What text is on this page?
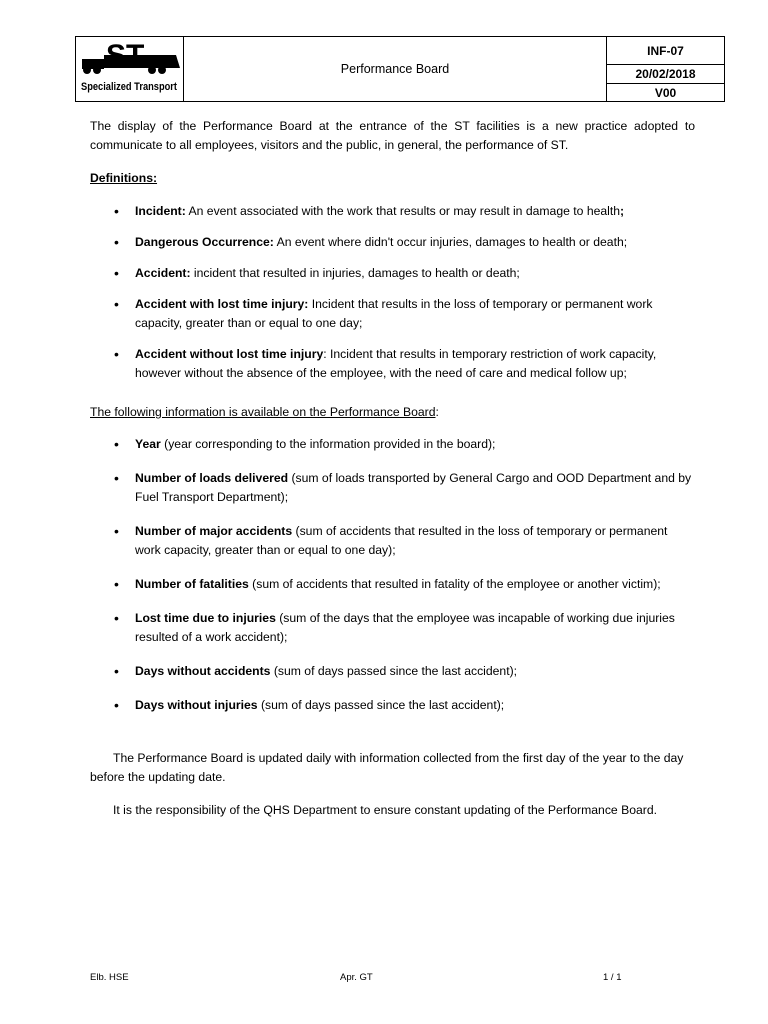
ST
Specialized Transport
Performance Board
INF-07
20/02/2018
V00

The display of the Performance Board at the entrance of the ST facilities is a new practice adopted to communicate to all employees, visitors and the public, in general, the performance of ST.

Definitions:

• Incident: An event associated with the work that results or may result in damage to health;
• Dangerous Occurrence: An event where didn't occur injuries, damages to health or death;
• Accident: incident that resulted in injuries, damages to health or death;
• Accident with lost time injury: Incident that results in the loss of temporary or permanent work capacity, greater than or equal to one day;
• Accident without lost time injury: Incident that results in temporary restriction of work capacity, however without the absence of the employee, with the need of care and medical follow up;

The following information is available on the Performance Board:

• Year (year corresponding to the information provided in the board);
• Number of loads delivered (sum of loads transported by General Cargo and OOD Department and by Fuel Transport Department);
• Number of major accidents (sum of accidents that resulted in the loss of temporary or permanent work capacity, greater than or equal to one day);
• Number of fatalities (sum of accidents that resulted in fatality of the employee or another victim);
• Lost time due to injuries (sum of the days that the employee was incapable of working due injuries resulted of a work accident);
• Days without accidents (sum of days passed since the last accident);
• Days without injuries (sum of days passed since the last accident);

The Performance Board is updated daily with information collected from the first day of the year to the day before the updating date.

It is the responsibility of the QHS Department to ensure constant updating of the Performance Board.

Elb. HSE	Apr. GT	1 / 1
